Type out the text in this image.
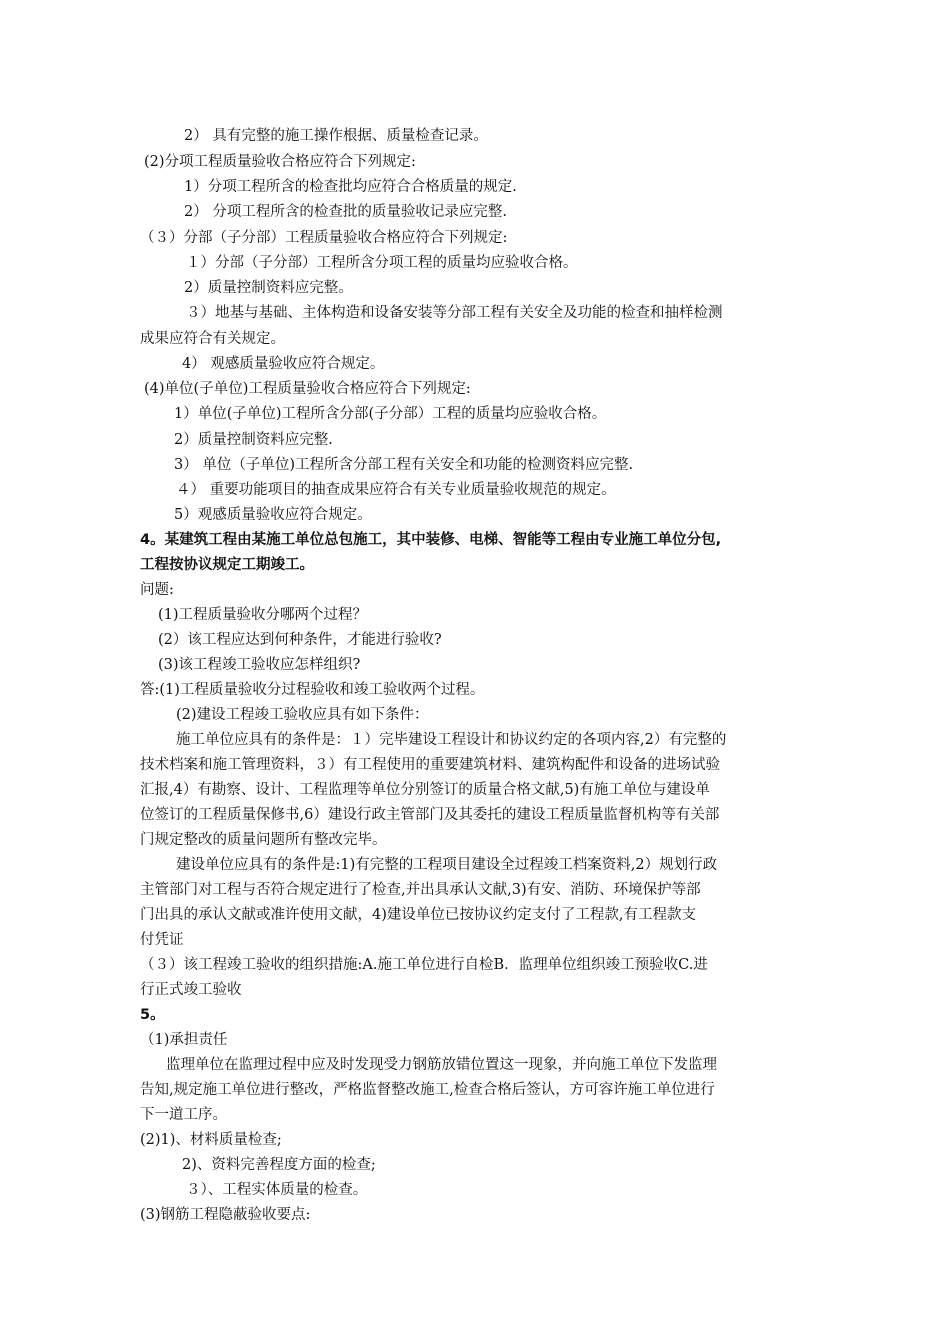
2） 具有完整的施工操作根据、质量检查记录。
(2)分项工程质量验收合格应符合下列规定:
1）分项工程所含的检查批均应符合合格质量的规定.
2） 分项工程所含的检查批的质量验收记录应完整.
（３）分部（子分部）工程质量验收合格应符合下列规定:
１）分部（子分部）工程所含分项工程的质量均应验收合格。
2）质量控制资料应完整。
３）地基与基础、主体构造和设备安装等分部工程有关安全及功能的检查和抽样检测
成果应符合有关规定。
4） 观感质量验收应符合规定。
(4)单位(子单位)工程质量验收合格应符合下列规定:
1）单位(子单位)工程所含分部(子分部）工程的质量均应验收合格。
2）质量控制资料应完整.
3） 单位（子单位)工程所含分部工程有关安全和功能的检测资料应完整.
４） 重要功能项目的抽查成果应符合有关专业质量验收规范的规定。
5）观感质量验收应符合规定。
4。某建筑工程由某施工单位总包施工，其中装修、电梯、智能等工程由专业施工单位分包,
工程按协议规定工期竣工。
问题:
(1)工程质量验收分哪两个过程？
(2）该工程应达到何种条件，才能进行验收?
(3)该工程竣工验收应怎样组织?
答:(1)工程质量验收分过程验收和竣工验收两个过程。
(2)建设工程竣工验收应具有如下条件：
施工单位应具有的条件是：１）完毕建设工程设计和协议约定的各项内容,2）有完整的
技术档案和施工管理资料，３）有工程使用的重要建筑材料、建筑构配件和设备的进场试验
汇报,4）有勘察、设计、工程监理等单位分别签订的质量合格文献,5)有施工单位与建设单
位签订的工程质量保修书,6）建设行政主管部门及其委托的建设工程质量监督机构等有关部
门规定整改的质量问题所有整改完毕。
建设单位应具有的条件是:1)有完整的工程项目建设全过程竣工档案资料,2）规划行政
主管部门对工程与否符合规定进行了检查,并出具承认文献,3)有安、消防、环境保护等部
门出具的承认文献或准许使用文献，4)建设单位已按协议约定支付了工程款,有工程款支
付凭证
（３）该工程竣工验收的组织措施:A.施工单位进行自检B．监理单位组织竣工预验收C.进
行正式竣工验收
5。
（1)承担责任
监理单位在监理过程中应及时发现受力钢筋放错位置这一现象，并向施工单位下发监理
告知,规定施工单位进行整改，严格监督整改施工,检查合格后签认，方可容许施工单位进行
下一道工序。
(2)1)、材料质量检查;
2)、资料完善程度方面的检查;
３）、工程实体质量的检查。
(3)钢筋工程隐蔽验收要点:
